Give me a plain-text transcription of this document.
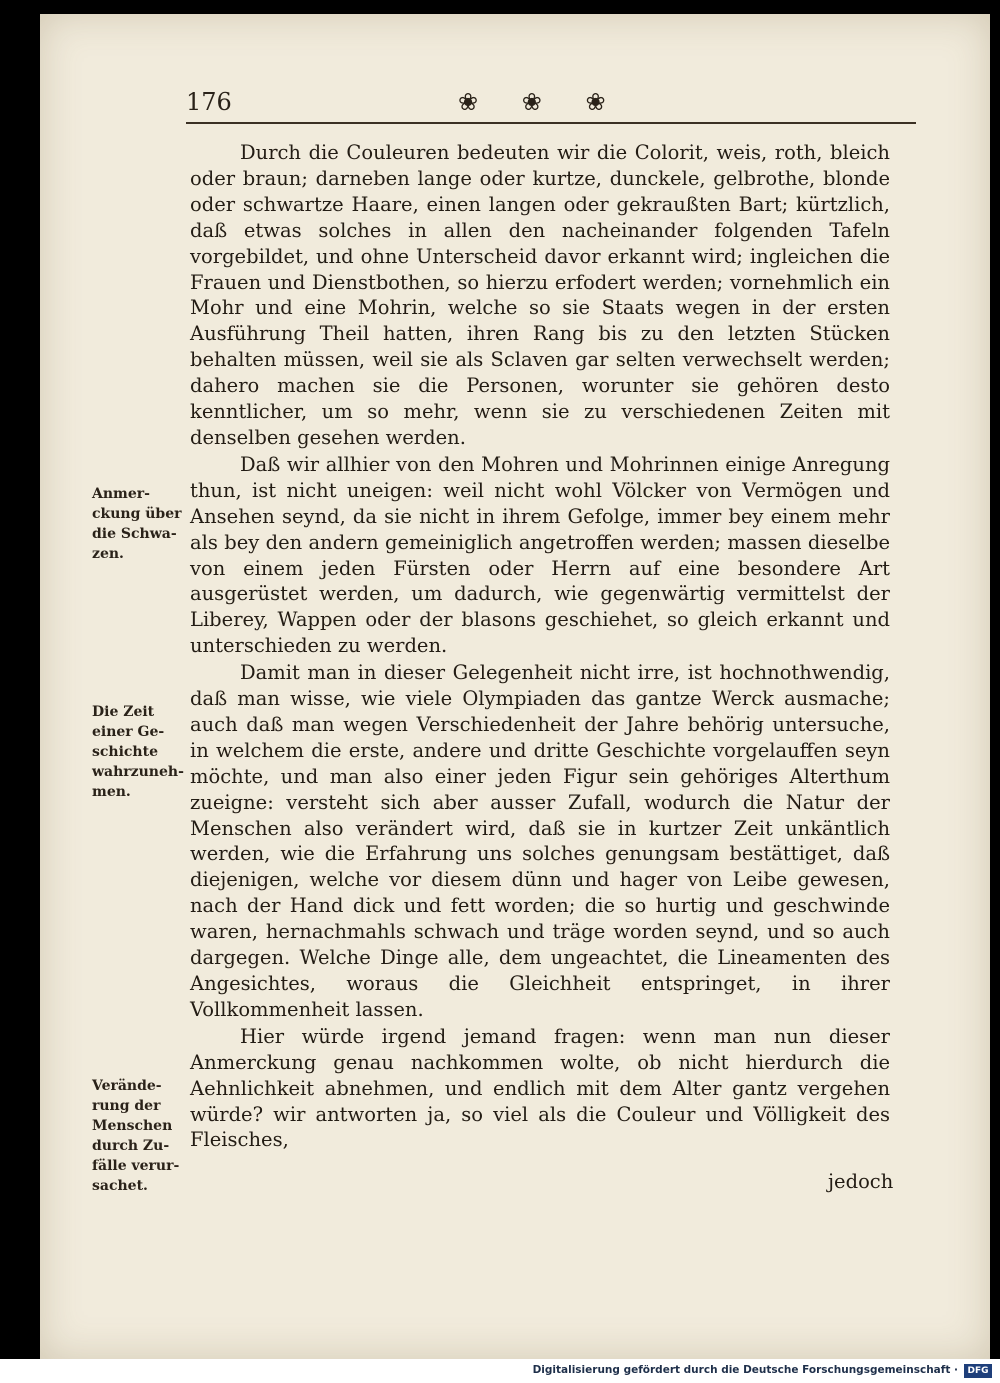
176	❀ ❀ ❀
Anmer- ckung über die Schwa- zen.
Die Zeit einer Ge- schichte wahrzuneh- men.
Verände- rung der Menschen durch Zu- fälle verur- sachet.

Durch die Couleuren bedeuten wir die Colorit, weis, roth, bleich oder braun; darneben lange oder kurtze, dunckele, gelbrothe, blonde oder schwartze Haare, einen langen oder gekraußten Bart; kürtzlich, daß etwas solches in allen den nacheinander folgenden Tafeln vorgebildet, und ohne Unterscheid davor erkannt wird; ingleichen die Frauen und Dienstbothen, so hierzu erfodert werden; vornehmlich ein Mohr und eine Mohrin, welche so sie Staats wegen in der ersten Ausführung Theil hatten, ihren Rang bis zu den letzten Stücken behalten müssen, weil sie als Sclaven gar selten verwechselt werden; dahero machen sie die Personen, worunter sie gehören desto kenntlicher, um so mehr, wenn sie zu verschiedenen Zeiten mit denselben gesehen werden.

Daß wir allhier von den Mohren und Mohrinnen einige Anregung thun, ist nicht uneigen: weil nicht wohl Völcker von Vermögen und Ansehen seynd, da sie nicht in ihrem Gefolge, immer bey einem mehr als bey den andern gemeiniglich angetroffen werden; massen dieselbe von einem jeden Fürsten oder Herrn auf eine besondere Art ausgerüstet werden, um dadurch, wie gegenwärtig vermittelst der Liberey, Wappen oder der blasons geschiehet, so gleich erkannt und unterschieden zu werden.

Damit man in dieser Gelegenheit nicht irre, ist hochnothwendig, daß man wisse, wie viele Olympiaden das gantze Werck ausmache; auch daß man wegen Verschiedenheit der Jahre behörig untersuche, in welchem die erste, andere und dritte Geschichte vorgelauffen seyn möchte, und man also einer jeden Figur sein gehöriges Alterthum zueigne: versteht sich aber ausser Zufall, wodurch die Natur der Menschen also verändert wird, daß sie in kurtzer Zeit unkäntlich werden, wie die Erfahrung uns solches genungsam bestättiget, daß diejenigen, welche vor diesem dünn und hager von Leibe gewesen, nach der Hand dick und fett worden; die so hurtig und geschwinde waren, hernachmahls schwach und träge worden seynd, und so auch dargegen. Welche Dinge alle, dem ungeachtet, die Lineamenten des Angesichtes, woraus die Gleichheit entspringet, in ihrer Vollkommenheit lassen.

Hier würde irgend jemand fragen: wenn man nun dieser Anmerckung genau nachkommen wolte, ob nicht hierdurch die Aehnlichkeit abnehmen, und endlich mit dem Alter gantz vergehen würde? wir antworten ja, so viel als die Couleur und Völligkeit des Fleisches,

jedoch
Digitalisierung gefördert durch die Deutsche Forschungsgemeinschaft ·	DFG
